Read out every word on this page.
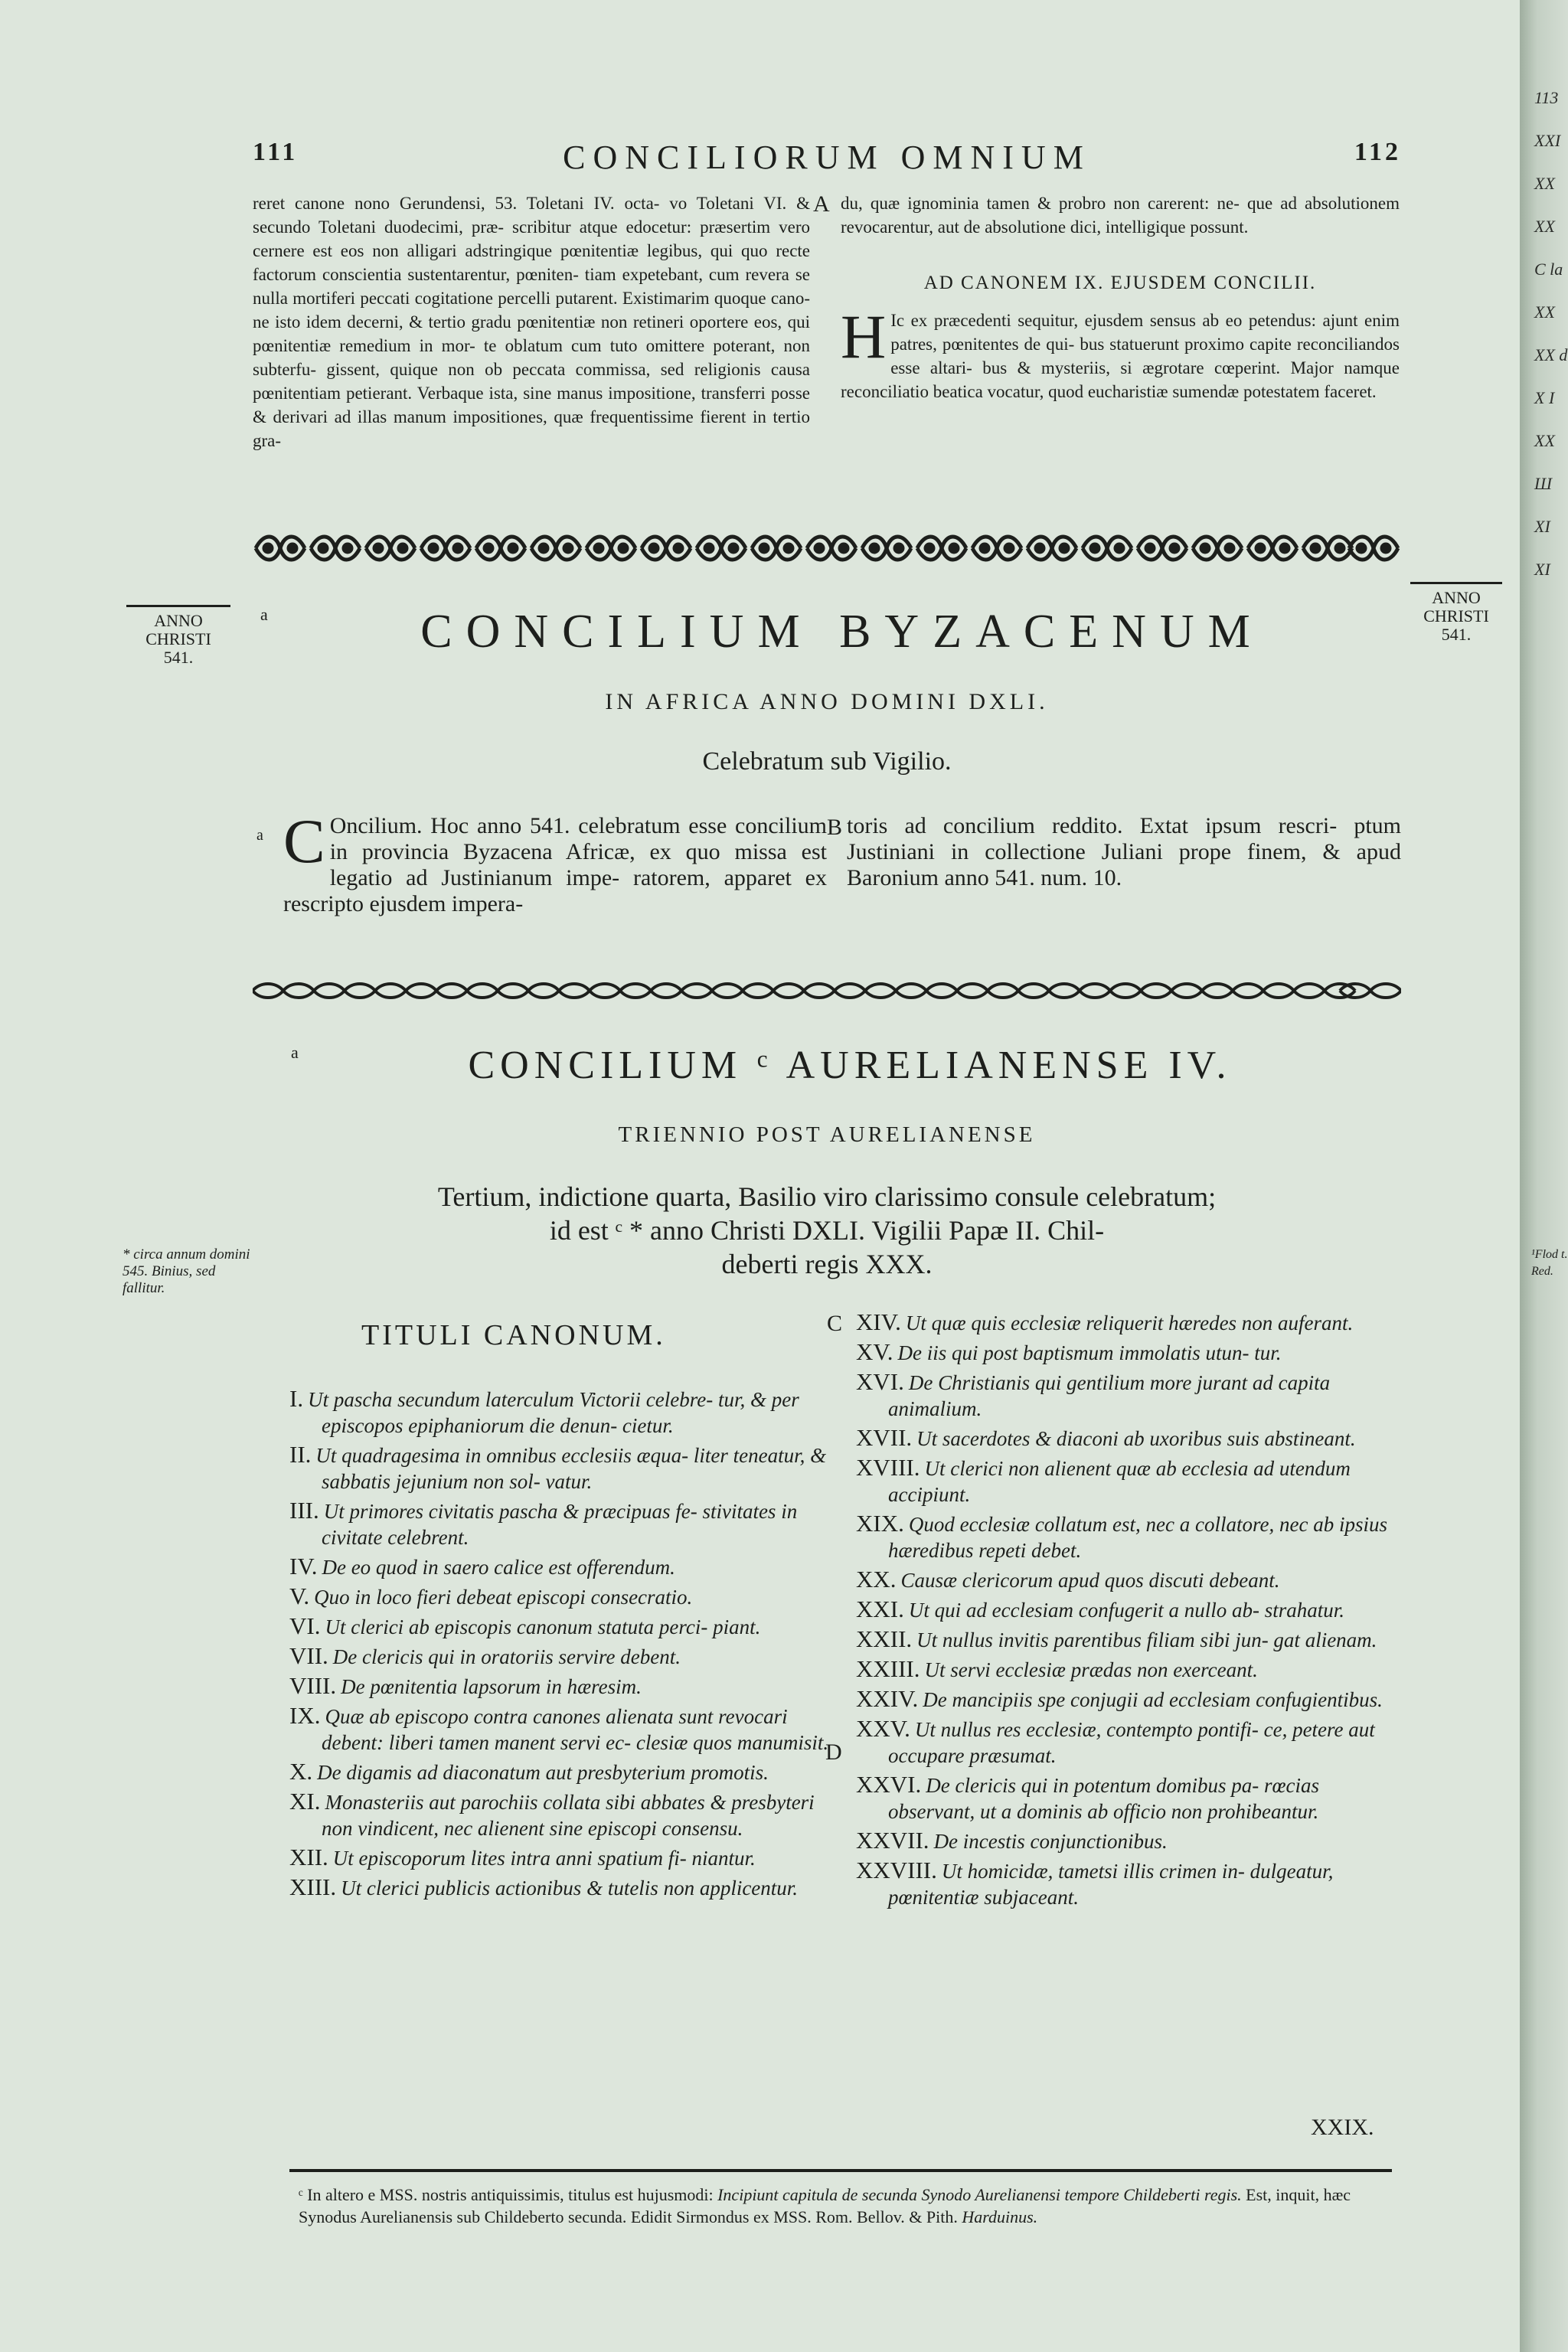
113 XXI XX XX C la XX XX d X I XX Ш XI XI
111	CONCILIORUM OMNIUM	112

reret canone nono Gerundensi, 53. Toletani IV. octa- vo Toletani VI. & secundo Toletani duodecimi, præ- scribitur atque edocetur: præsertim vero cernere est eos non alligari adstringique pœnitentiæ legibus, qui quo recte factorum conscientia sustentarentur, pœniten- tiam expetebant, cum revera se nulla mortiferi peccati cogitatione percelli putarent. Existimarim quoque cano- ne isto idem decerni, & tertio gradu pœnitentiæ non retineri oportere eos, qui pœnitentiæ remedium in mor- te oblatum cum tuto omittere poterant, non subterfu- gissent, quique non ob peccata commissa, sed religionis causa pœnitentiam petierant. Verbaque ista, sine manus impositione, transferri posse & derivari ad illas manum impositiones, quæ frequentissime fierent in tertio gra-

A du, quæ ignominia tamen & probro non carerent: ne- que ad absolutionem revocarentur, aut de absolutione dici, intelligique possunt.

AD CANONEM IX. EJUSDEM CONCILII.

H Ic ex præcedenti sequitur, ejusdem sensus ab eo petendus: ajunt enim patres, pœnitentes de qui- bus statuerunt proximo capite reconciliandos esse altari- bus & mysteriis, si ægrotare cœperint. Major namque reconciliatio beatica vocatur, quod eucharistiæ sumendæ potestatem faceret.

ANNO
CHRISTI
541.
ANNO
CHRISTI
541.
a	CONCILIUM BYZACENUM
IN AFRICA ANNO DOMINI DXLI.
Celebratum sub Vigilio.
a C Oncilium. Hoc anno 541. celebratum esse concilium in provincia Byzacena Africæ, ex quo missa est legatio ad Justinianum impe- ratorem, apparet ex rescripto ejusdem impera-
B toris ad concilium reddito. Extat ipsum rescri- ptum Justiniani in collectione Juliani prope finem, & apud Baronium anno 541. num. 10.
a	CONCILIUM ᶜ AURELIANENSE IV.
TRIENNIO POST AURELIANENSE
Tertium, indictione quarta, Basilio viro clarissimo consule celebratum;
id est ᶜ * anno Christi DXLI. Vigilii Papæ II. Chil-
deberti regis XXX.
* circa annum domini 545. Binius, sed fallitur.
¹Flod t. Red.
TITULI CANONUM.	C
I. Ut pascha secundum laterculum Victorii celebre- tur, & per episcopos epiphaniorum die denun- cietur.
II. Ut quadragesima in omnibus ecclesiis æqua- liter teneatur, & sabbatis jejunium non sol- vatur.
III. Ut primores civitatis pascha & præcipuas fe- stivitates in civitate celebrent.
IV. De eo quod in saero calice est offerendum.
V. Quo in loco fieri debeat episcopi consecratio.
VI. Ut clerici ab episcopis canonum statuta perci- piant.
VII. De clericis qui in oratoriis servire debent.
VIII. De pœnitentia lapsorum in hæresim.
IX. Quæ ab episcopo contra canones alienata sunt revocari debent: liberi tamen manent servi ec- clesiæ quos manumisit.
X. De digamis ad diaconatum aut presbyterium promotis.
XI. Monasteriis aut parochiis collata sibi abbates & presbyteri non vindicent, nec alienent sine episcopi consensu.
XII. Ut episcoporum lites intra anni spatium fi- niantur.
XIII. Ut clerici publicis actionibus & tutelis non applicentur.
XIV. Ut quæ quis ecclesiæ reliquerit hæredes non auferant.
XV. De iis qui post baptismum immolatis utun- tur.
XVI. De Christianis qui gentilium more jurant ad capita animalium.
XVII. Ut sacerdotes & diaconi ab uxoribus suis abstineant.
XVIII. Ut clerici non alienent quæ ab ecclesia ad utendum accipiunt.
XIX. Quod ecclesiæ collatum est, nec a collatore, nec ab ipsius hæredibus repeti debet.
XX. Causæ clericorum apud quos discuti debeant.
XXI. Ut qui ad ecclesiam confugerit a nullo ab- strahatur.
XXII. Ut nullus invitis parentibus filiam sibi jun- gat alienam.
XXIII. Ut servi ecclesiæ prædas non exerceant.
XXIV. De mancipiis spe conjugii ad ecclesiam confugientibus.
XXV. Ut nullus res ecclesiæ, contempto pontifi- ce, petere aut occupare præsumat.
XXVI. De clericis qui in potentum domibus pa- rœcias observant, ut a dominis ab officio non prohibeantur.
XXVII. De incestis conjunctionibus.
XXVIII. Ut homicidæ, tametsi illis crimen in- dulgeatur, pœnitentiæ subjaceant.
D
XXIX.
ᶜ In altero e MSS. nostris antiquissimis, titulus est hujusmodi: Incipiunt capitula de secunda Synodo Aurelianensi tempore Childeberti regis. Est, inquit, hæc Synodus Aurelianensis sub Childeberto secunda. Edidit Sirmondus ex MSS. Rom. Bellov. & Pith. Harduinus.
